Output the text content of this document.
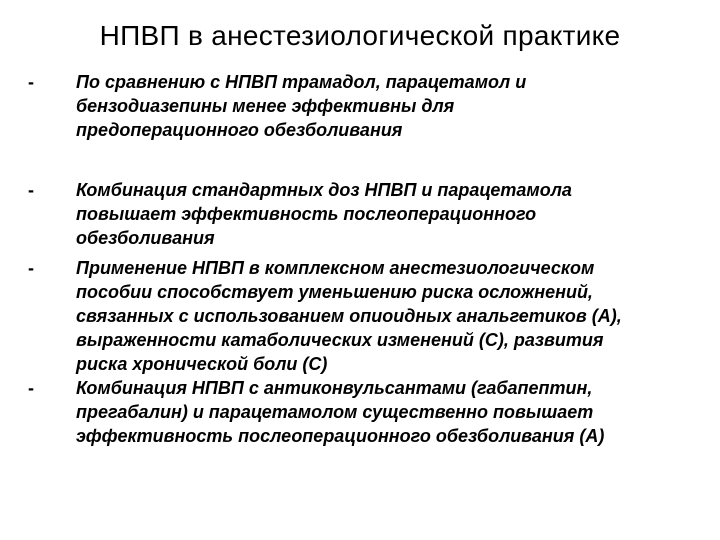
НПВП в анестезиологической практике
- По сравнению с НПВП трамадол, парацетамол и
бензодиазепины менее эффективны для
предоперационного обезболивания
- Комбинация стандартных доз НПВП и парацетамола
повышает эффективность послеоперационного
обезболивания
- Применение НПВП в комплексном анестезиологическом
пособии способствует уменьшению риска осложнений,
связанных с использованием опиоидных анальгетиков (А),
выраженности катаболических изменений (С), развития
риска хронической боли (С)
- Комбинация НПВП с антиконвульсантами (габапептин,
прегабалин) и парацетамолом существенно повышает
эффективность послеоперационного обезболивания (А)
